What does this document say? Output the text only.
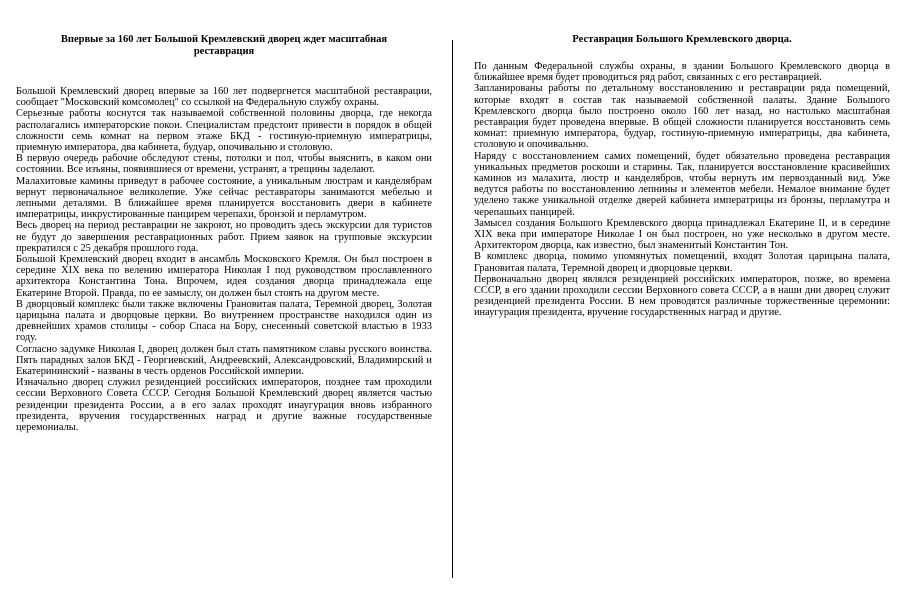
Впервые за 160 лет Большой Кремлевский дворец ждет масштабная реставрация

Большой Кремлевский дворец впервые за 160 лет подвергнется масштабной реставрации, сообщает "Московский комсомолец" со ссылкой на Федеральную службу охраны.

Серьезные работы коснутся так называемой собственной половины дворца, где некогда располагались императорские покои. Специалистам предстоит привести в порядок в общей сложности семь комнат на первом этаже БКД - гостиную-приемную императрицы, приемную императора, два кабинета, будуар, опочивальню и столовую.

В первую очередь рабочие обследуют стены, потолки и пол, чтобы выяснить, в каком они состоянии. Все изъяны, появившиеся от времени, устранят, а трещины заделают.

Малахитовые камины приведут в рабочее состояние, а уникальным люстрам и канделябрам вернут первоначальное великолепие. Уже сейчас реставраторы занимаются мебелью и лепными деталями. В ближайшее время планируется восстановить двери в кабинете императрицы, инкрустированные панцирем черепахи, бронзой и перламутром.

Весь дворец на период реставрации не закроют, но проводить здесь экскурсии для туристов не будут до завершения реставрационных работ. Прием заявок на групповые экскурсии прекратился с 25 декабря прошлого года.

Большой Кремлевский дворец входит в ансамбль Московского Кремля. Он был построен в середине XIX века по велению императора Николая I под руководством прославленного архитектора Константина Тона. Впрочем, идея создания дворца принадлежала еще Екатерине Второй. Правда, по ее замыслу, он должен был стоять на другом месте.

В дворцовый комплекс были также включены Грановитая палата, Теремной дворец, Золотая царицына палата и дворцовые церкви. Во внутреннем пространстве находился один из древнейших храмов столицы - собор Спаса на Бору, снесенный советской властью в 1933 году.

Согласно задумке Николая I, дворец должен был стать памятником славы русского воинства. Пять парадных залов БКД - Георгиевский, Андреевский, Александровский, Владимирский и Екатерининский - названы в честь орденов Российской империи.

Изначально дворец служил резиденцией российских императоров, позднее там проходили сессии Верховного Совета СССР. Сегодня Большой Кремлевский дворец является частью резиденции президента России, а в его залах проходят инаугурация вновь избранного президента, вручения государственных наград и другие важные государственные церемониалы.

Реставрация Большого Кремлевского дворца.

По данным Федеральной службы охраны, в здании Большого Кремлевского дворца в ближайшее время будет проводиться ряд работ, связанных с его реставрацией.

Запланированы работы по детальному восстановлению и реставрации ряда помещений, которые входят в состав так называемой собственной палаты. Здание Большого Кремлевского дворца было построено около 160 лет назад, но настолько масштабная реставрация будет проведена впервые. В общей сложности планируется восстановить семь комнат: приемную императора, будуар, гостиную-приемную императрицы, два кабинета, столовую и опочивальню.

Наряду с восстановлением самих помещений, будет обязательно проведена реставрация уникальных предметов роскоши и старины. Так, планируется восстановление красивейших каминов из малахита, люстр и канделябров, чтобы вернуть им первозданный вид. Уже ведутся работы по восстановлению лепнины и элементов мебели. Немалое внимание будет уделено также уникальной отделке дверей кабинета императрицы из бронзы, перламутра и черепашьих панцирей.

Замысел создания Большого Кремлевского дворца принадлежал Екатерине II, и в середине XIX века при императоре Николае I он был построен, но уже несколько в другом месте. Архитектором дворца, как известно, был знаменитый Константин Тон.

В комплекс дворца, помимо упомянутых помещений, входят Золотая царицына палата, Грановитая палата, Теремной дворец и дворцовые церкви.

Первоначально дворец являлся резиденцией российских императоров, позже, во времена СССР, в его здании проходили сессии Верховного совета СССР, а в наши дни дворец служит резиденцией президента России. В нем проводятся различные торжественные церемонии: инаугурация президента, вручение государственных наград и другие.
